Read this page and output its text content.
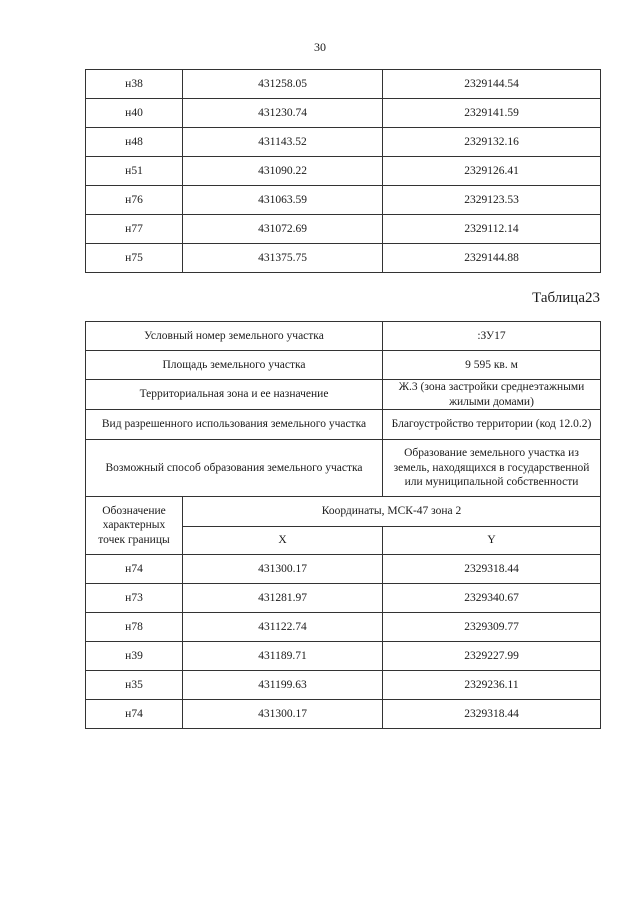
30
н38	431258.05	2329144.54
н40	431230.74	2329141.59
н48	431143.52	2329132.16
н51	431090.22	2329126.41
н76	431063.59	2329123.53
н77	431072.69	2329112.14
н75	431375.75	2329144.88
Таблица23
Условный номер земельного участка		:ЗУ17
Площадь земельного участка		9 595 кв. м
Территориальная зона и ее назначение		Ж.3 (зона застройки среднеэтажными жилыми домами)
Вид разрешенного использования земельного участка		Благоустройство территории (код 12.0.2)
Возможный способ образования земельного участка		Образование земельного участка из земель, находящихся в государственной или муниципальной собственности
Обозначение характерных точек границы	Координаты, МСК-47 зона 2	
	X	Y
н74	431300.17	2329318.44
н73	431281.97	2329340.67
н78	431122.74	2329309.77
н39	431189.71	2329227.99
н35	431199.63	2329236.11
н74	431300.17	2329318.44
